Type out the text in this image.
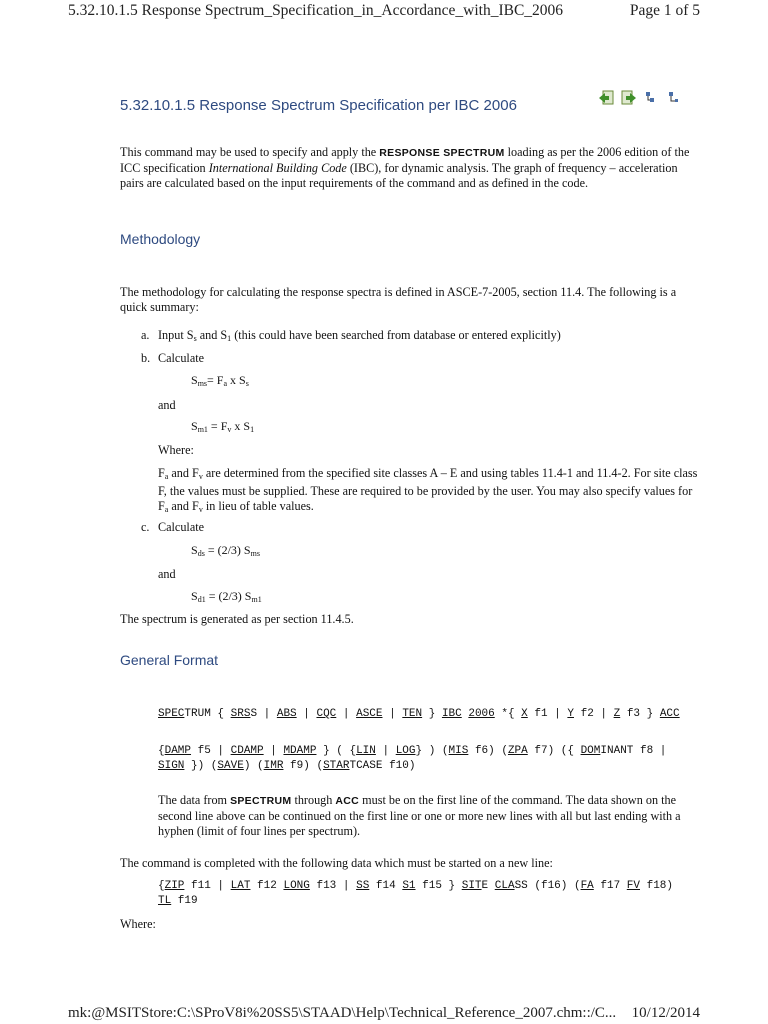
5.32.10.1.5 Response Spectrum_Specification_in_Accordance_with_IBC_2006	Page 1 of 5
5.32.10.1.5 Response Spectrum Specification per IBC 2006
This command may be used to specify and apply the RESPONSE SPECTRUM loading as per the 2006 edition of the ICC specification International Building Code (IBC), for dynamic analysis. The graph of frequency – acceleration pairs are calculated based on the input requirements of the command and as defined in the code.
Methodology
The methodology for calculating the response spectra is defined in ASCE-7-2005, section 11.4. The following is a quick summary:
a. Input $S_s$ and $S_1$ (this could have been searched from database or entered explicitly)
b. Calculate
$S_{ms}= F_a$ x $S_s$
and
$S_{m1} = F_v$ x $S_1$
Where:
$F_a$ and $F_v$ are determined from the specified site classes A – E and using tables 11.4-1 and 11.4-2. For site class F, the values must be supplied. These are required to be provided by the user. You may also specify values for $F_a$ and $F_v$ in lieu of table values.
c. Calculate
$S_{ds} = (2/3)$ $S_{ms}$
and
$S_{d1} = (2/3)$ $S_{m1}$
The spectrum is generated as per section 11.4.5.
General Format
SPECTRUM { SRSS | ABS | CQC | ASCE | TEN } IBC 2006 *{ X f1 | Y f2 | Z f3 } ACC
{DAMP f5 | CDAMP | MDAMP } ( {LIN | LOG} ) (MIS f6) (ZPA f7) ({ DOMINANT f8 | SIGN }) (SAVE) (IMR f9) (STARTCASE f10)
The data from SPECTRUM through ACC must be on the first line of the command. The data shown on the second line above can be continued on the first line or one or more new lines with all but last ending with a hyphen (limit of four lines per spectrum).
The command is completed with the following data which must be started on a new line:
{ZIP f11 | LAT f12 LONG f13 | SS f14 S1 f15 } SITE CLASS (f16) (FA f17 FV f18) TL f19
Where:
mk:@MSITStore:C:\SProV8i%20SS5\STAAD\Help\Technical_Reference_2007.chm::/C... 10/12/2014
